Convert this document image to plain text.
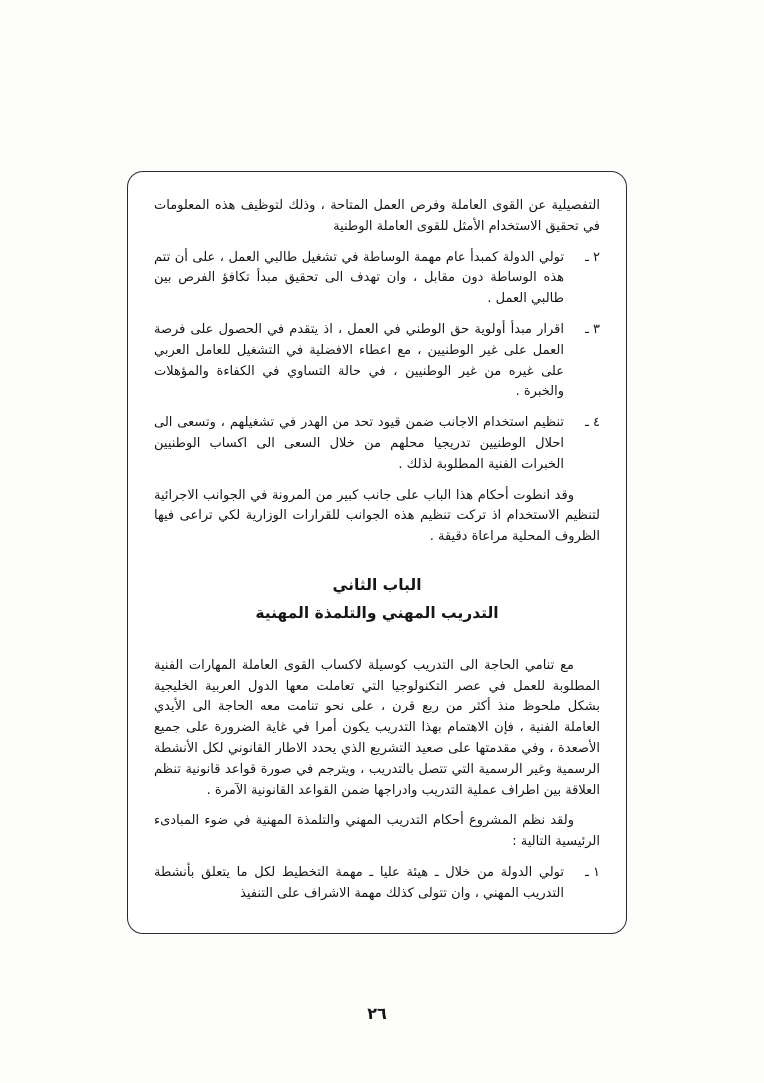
التفصيلية عن القوى العاملة وفرص العمل المتاحة ، وذلك لتوظيف هذه المعلومات في تحقيق الاستخدام الأمثل للقوى العاملة الوطنية

٢ ـ
تولي الدولة كمبدأ عام مهمة الوساطة في تشغيل طالبي العمل ، على أن تتم هذه الوساطة دون مقابل ، وان تهدف الى تحقيق مبدأ تكافؤ الفرص بين طالبي العمل .
٣ ـ
اقرار مبدأ أولوية حق الوطني في العمل ، اذ يتقدم في الحصول على فرصة العمل على غير الوطنيين ، مع اعطاء الافضلية في التشغيل للعامل العربي على غيره من غير الوطنيين ، في حالة التساوي في الكفاءة والمؤهلات والخبرة .
٤ ـ
تنظيم استخدام الاجانب ضمن قيود تحد من الهدر في تشغيلهم ، وتسعى الى احلال الوطنيين تدريجيا محلهم من خلال السعى الى اكساب الوطنيين الخبرات الفنية المطلوبة لذلك .

وقد انطوت أحكام هذا الباب على جانب كبير من المرونة في الجوانب الاجرائية لتنظيم الاستخدام اذ تركت تنظيم هذه الجوانب للقرارات الوزارية لكي تراعى فيها الظروف المحلية مراعاة دقيقة .

الباب الثاني
التدريب المهني والتلمذة المهنية

مع تنامي الحاجة الى التدريب كوسيلة لاكساب القوى العاملة المهارات الفنية المطلوبة للعمل في عصر التكنولوجيا التي تعاملت معها الدول العربية الخليجية بشكل ملحوظ منذ أكثر من ربع قرن ، على نحو تنامت معه الحاجة الى الأيدي العاملة الفنية ، فإن الاهتمام بهذا التدريب يكون أمرا في غاية الضرورة على جميع الأصعدة ، وفي مقدمتها على صعيد التشريع الذي يحدد الاطار القانوني لكل الأنشطة الرسمية وغير الرسمية التي تتصل بالتدريب ، ويترجم في صورة قواعد قانونية تنظم العلاقة بين اطراف عملية التدريب وادراجها ضمن القواعد القانونية الآمرة .

ولقد نظم المشروع أحكام التدريب المهني والتلمذة المهنية في ضوء المبادىء الرئيسية التالية :

١ ـ
تولي الدولة من خلال ـ هيئة عليا ـ مهمة التخطيط لكل ما يتعلق بأنشطة التدريب المهني ، وان تتولى كذلك مهمة الاشراف على التنفيذ
٢٦
